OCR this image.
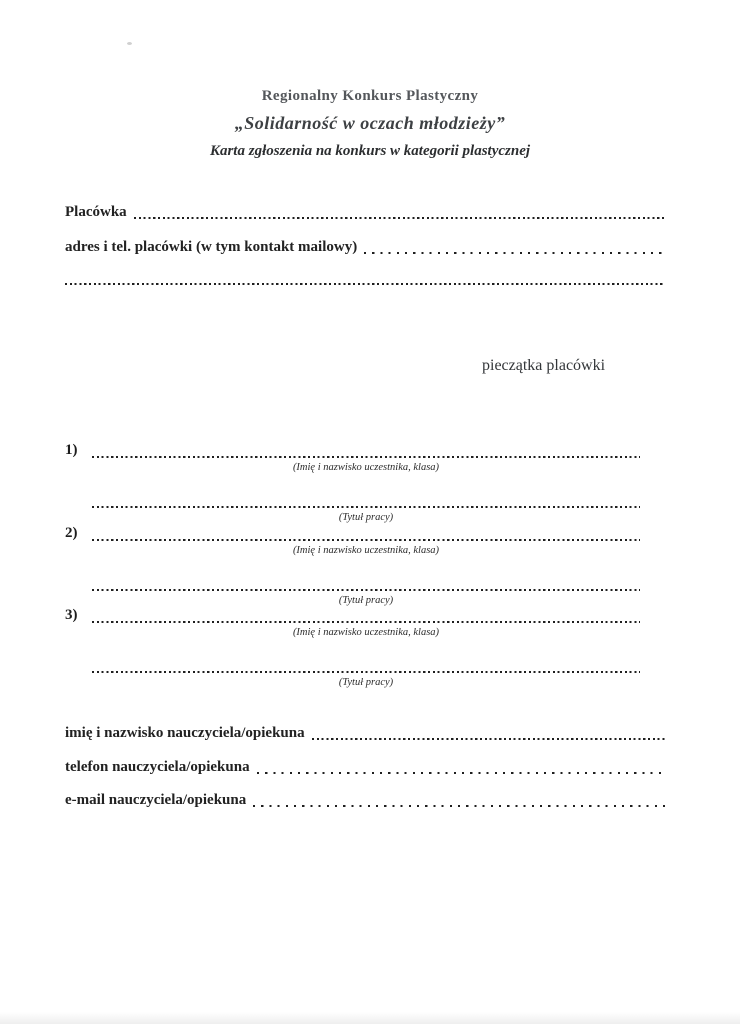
Regionalny Konkurs Plastyczny
„Solidarność w oczach młodzieży”
Karta zgłoszenia na konkurs w kategorii plastycznej
Placówka
adres i tel. placówki (w tym kontakt mailowy)
pieczątka placówki
1)
(Imię i nazwisko uczestnika, klasa)
(Tytuł pracy)
2)
(Imię i nazwisko uczestnika, klasa)
(Tytuł pracy)
3)
(Imię i nazwisko uczestnika, klasa)
(Tytuł pracy)
imię i nazwisko nauczyciela/opiekuna
telefon nauczyciela/opiekuna
e-mail nauczyciela/opiekuna
